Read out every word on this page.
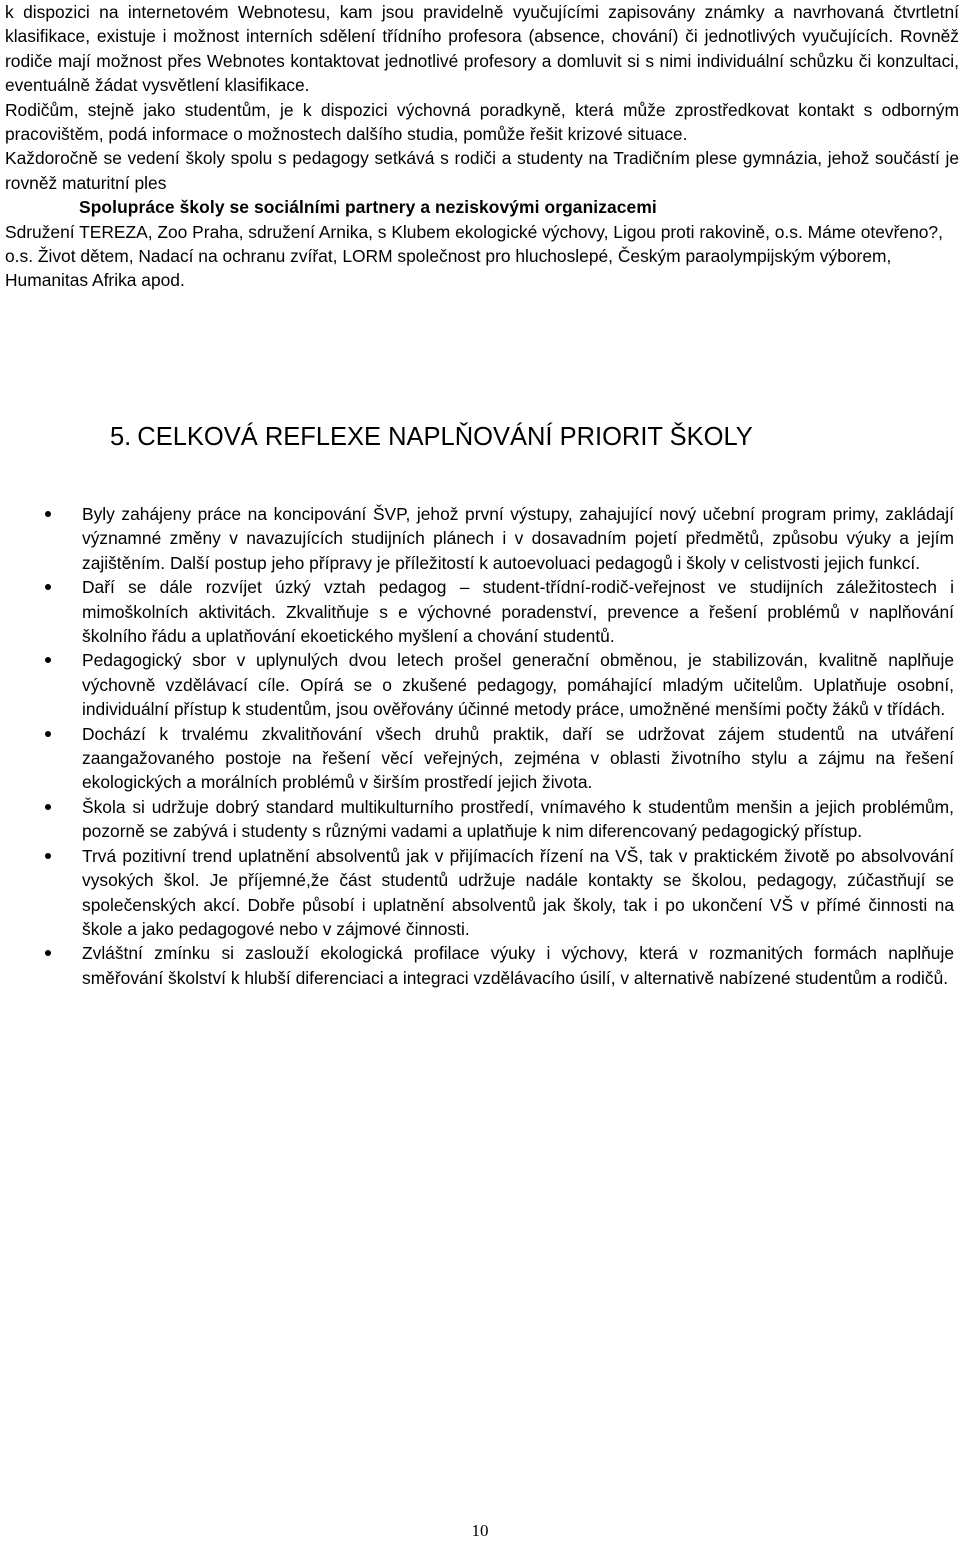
k dispozici na internetovém Webnotesu, kam jsou pravidelně vyučujícími zapisovány známky a navrhovaná čtvrtletní klasifikace, existuje i možnost interních sdělení třídního profesora (absence, chování) či jednotlivých vyučujících. Rovněž rodiče mají možnost přes Webnotes kontaktovat jednotlivé profesory a domluvit si s nimi individuální schůzku či konzultaci, eventuálně žádat vysvětlení klasifikace.

Rodičům, stejně jako studentům, je k dispozici výchovná poradkyně, která může zprostředkovat kontakt s odborným pracovištěm, podá informace o možnostech dalšího studia, pomůže řešit krizové situace.

Každoročně se vedení školy spolu s pedagogy setkává s rodiči a studenty na Tradičním plese gymnázia, jehož součástí je rovněž maturitní ples

Spolupráce školy se sociálními partnery a neziskovými organizacemi

Sdružení TEREZA, Zoo Praha, sdružení Arnika, s Klubem ekologické výchovy, Ligou proti rakovině, o.s. Máme otevřeno?, o.s. Život dětem, Nadací na ochranu zvířat, LORM společnost pro hluchoslepé, Českým paraolympijským výborem, Humanitas Afrika apod.

5. CELKOVÁ REFLEXE NAPLŇOVÁNÍ PRIORIT ŠKOLY
Byly zahájeny práce na koncipování ŠVP, jehož první výstupy, zahajující nový učební program primy, zakládají významné změny v navazujících studijních plánech i v dosavadním pojetí předmětů, způsobu výuky a jejím zajištěním. Další postup jeho přípravy je příležitostí k autoevoluaci pedagogů i školy v celistvosti jejich funkcí.
Daří se dále rozvíjet úzký vztah pedagog – student-třídní-rodič-veřejnost ve studijních záležitostech i mimoškolních aktivitách. Zkvalitňuje s e výchovné poradenství, prevence a řešení problémů v naplňování školního řádu a uplatňování ekoetického myšlení a chování studentů.
Pedagogický sbor v uplynulých dvou letech prošel generační obměnou, je stabilizován, kvalitně naplňuje výchovně vzdělávací cíle. Opírá se o zkušené pedagogy, pomáhající mladým učitelům. Uplatňuje osobní, individuální přístup k studentům, jsou ověřovány účinné metody práce, umožněné menšími počty žáků v třídách.
Dochází k trvalému zkvalitňování všech druhů praktik, daří se udržovat zájem studentů na utváření zaangažovaného postoje na řešení věcí veřejných, zejména v oblasti životního stylu a zájmu na řešení ekologických a morálních problémů v širším prostředí jejich života.
Škola si udržuje dobrý standard multikulturního prostředí, vnímavého k studentům menšin a jejich problémům, pozorně se zabývá i studenty s různými vadami a uplatňuje k nim diferencovaný pedagogický přístup.
Trvá pozitivní trend uplatnění absolventů jak v přijímacích řízení na VŠ, tak v praktickém životě po absolvování vysokých škol. Je příjemné,že část studentů udržuje nadále kontakty se školou, pedagogy, zúčastňují se společenských akcí. Dobře působí i uplatnění absolventů jak školy, tak i po ukončení VŠ v přímé činnosti na škole a jako pedagogové nebo v zájmové činnosti.
Zvláštní zmínku si zaslouží ekologická profilace výuky i výchovy, která v rozmanitých formách naplňuje směřování školství k hlubší diferenciaci a integraci vzdělávacího úsilí, v alternativě nabízené studentům a rodičů.
10
